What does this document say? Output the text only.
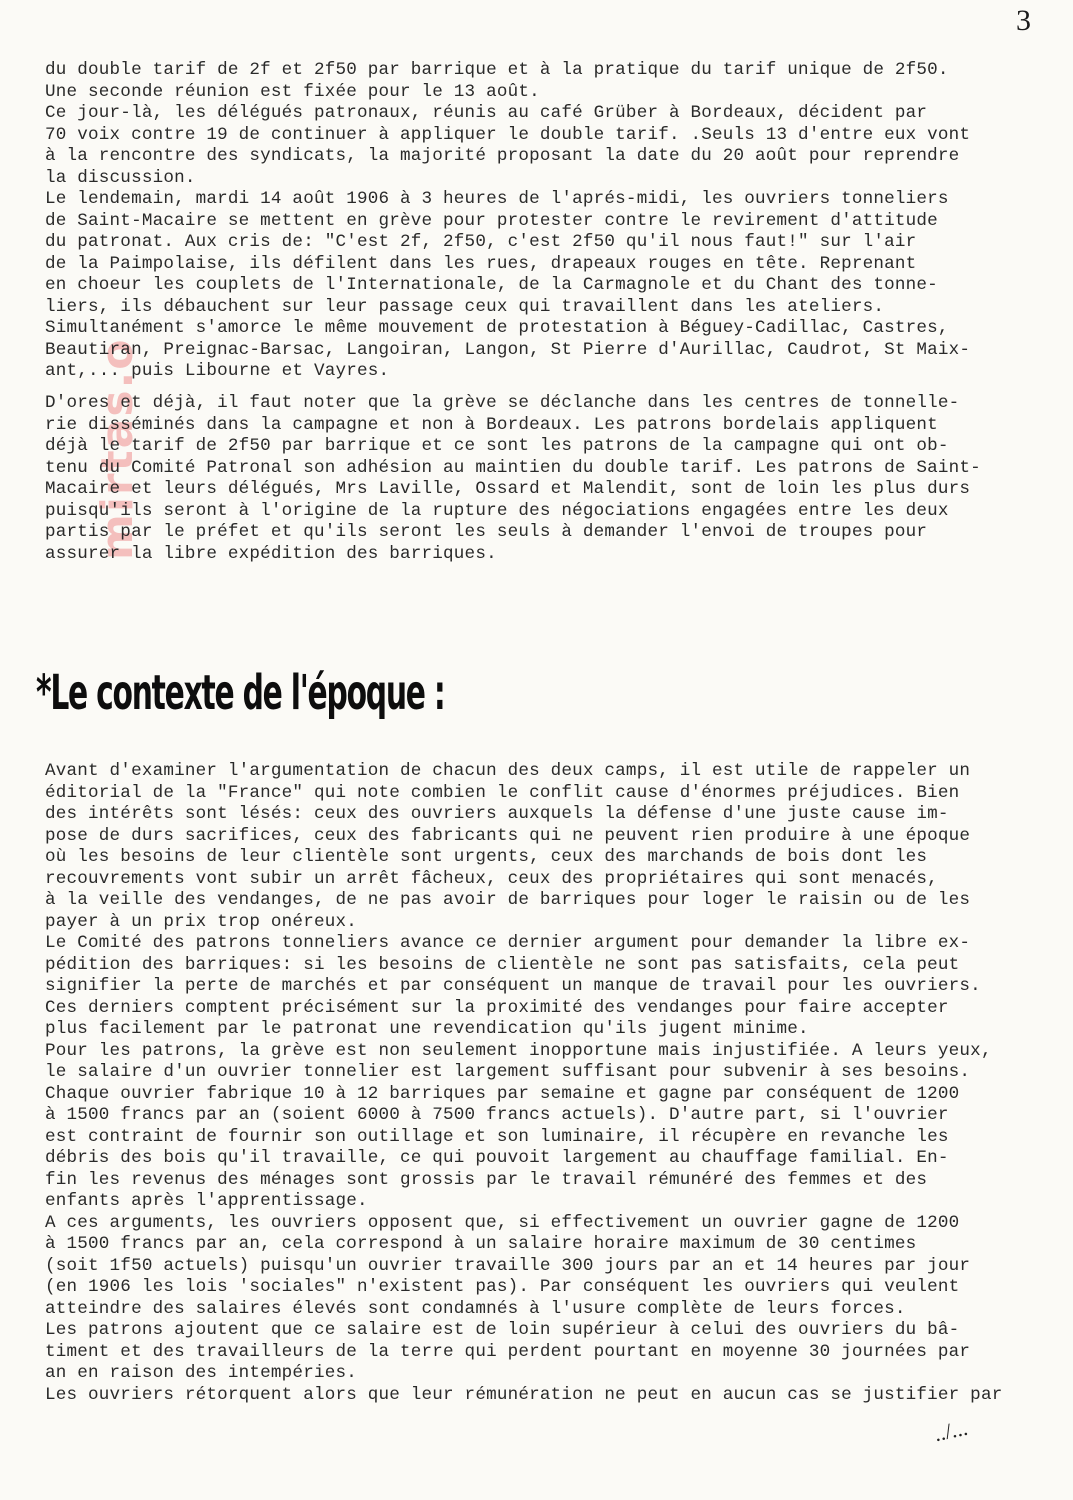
3
mirtas.o
du double tarif de 2f et 2f50 par barrique et à la pratique du tarif unique de 2f50.
Une seconde réunion est fixée pour le 13 août.
Ce jour-là, les délégués patronaux, réunis au café Grüber à Bordeaux, décident par
70 voix contre 19 de continuer à appliquer le double tarif. .Seuls 13 d'entre eux vont
à la rencontre des syndicats, la majorité proposant la date du 20 août pour reprendre
la discussion.
Le lendemain, mardi 14 août 1906 à 3 heures de l'aprés-midi, les ouvriers tonneliers
de Saint-Macaire se mettent en grève pour protester contre le revirement d'attitude
du patronat. Aux cris de: "C'est 2f, 2f50, c'est 2f50 qu'il nous faut!" sur l'air
de la Paimpolaise, ils défilent dans les rues, drapeaux rouges en tête. Reprenant
en choeur les couplets de l'Internationale, de la Carmagnole et du Chant des tonne-
liers, ils débauchent sur leur passage ceux qui travaillent dans les ateliers.
Simultanément s'amorce le même mouvement de protestation à Béguey-Cadillac, Castres,
Beautiran, Preignac-Barsac, Langoiran, Langon, St Pierre d'Aurillac, Caudrot, St Maix-
ant,... puis Libourne et Vayres.
D'ores et déjà, il faut noter que la grève se déclanche dans les centres de tonnelle-
rie disséminés dans la campagne et non à Bordeaux. Les patrons bordelais appliquent
déjà le tarif de 2f50 par barrique et ce sont les patrons de la campagne qui ont ob-
tenu du Comité Patronal son adhésion au maintien du double tarif. Les patrons de Saint-
Macaire et leurs délégués, Mrs Laville, Ossard et Malendit, sont de loin les plus durs
puisqu'ils seront à l'origine de la rupture des négociations engagées entre les deux
partis par le préfet et qu'ils seront les seuls à demander l'envoi de troupes pour
assurer la libre expédition des barriques.
*Le contexte de l'époque :
Avant d'examiner l'argumentation de chacun des deux camps, il est utile de rappeler un
éditorial de la "France" qui note combien le conflit cause d'énormes préjudices. Bien
des intérêts sont lésés: ceux des ouvriers auxquels la défense d'une juste cause im-
pose de durs sacrifices, ceux des fabricants qui ne peuvent rien produire à une époque
où les besoins de leur clientèle sont urgents, ceux des marchands de bois dont les
recouvrements vont subir un arrêt fâcheux, ceux des propriétaires qui sont menacés,
à la veille des vendanges, de ne pas avoir de barriques pour loger le raisin ou de les
payer à un prix trop onéreux.
Le Comité des patrons tonneliers avance ce dernier argument pour demander la libre ex-
pédition des barriques: si les besoins de clientèle ne sont pas satisfaits, cela peut
signifier la perte de marchés et par conséquent un manque de travail pour les ouvriers.
Ces derniers comptent précisément sur la proximité des vendanges pour faire accepter
plus facilement par le patronat une revendication qu'ils jugent minime.
Pour les patrons, la grève est non seulement inopportune mais injustifiée. A leurs yeux,
le salaire d'un ouvrier tonnelier est largement suffisant pour subvenir à ses besoins.
Chaque ouvrier fabrique 10 à 12 barriques par semaine et gagne par conséquent de 1200
à 1500 francs par an (soient 6000 à 7500 francs actuels). D'autre part, si l'ouvrier
est contraint de fournir son outillage et son luminaire, il récupère en revanche les
débris des bois qu'il travaille, ce qui pouvoit largement au chauffage familial. En-
fin les revenus des ménages sont grossis par le travail rémunéré des femmes et des
enfants après l'apprentissage.
A ces arguments, les ouvriers opposent que, si effectivement un ouvrier gagne de 1200
à 1500 francs par an, cela correspond à un salaire horaire maximum de 30 centimes
(soit 1f50 actuels) puisqu'un ouvrier travaille 300 jours par an et 14 heures par jour
(en 1906 les lois 'sociales" n'existent pas). Par conséquent les ouvriers qui veulent
atteindre des salaires élevés sont condamnés à l'usure complète de leurs forces.
Les patrons ajoutent que ce salaire est de loin supérieur à celui des ouvriers du bâ-
timent et des travailleurs de la terre qui perdent pourtant en moyenne 30 journées par
an en raison des intempéries.
Les ouvriers rétorquent alors que leur rémunération ne peut en aucun cas se justifier par
../...
